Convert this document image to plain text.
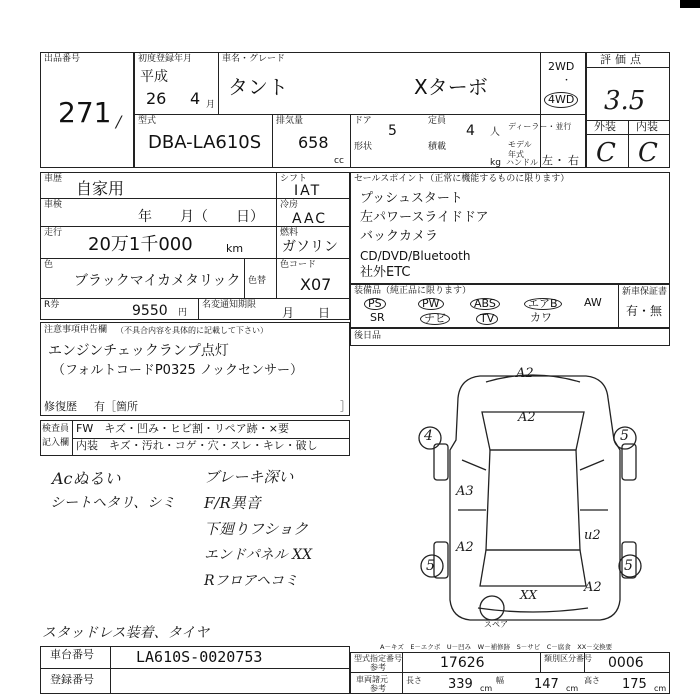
出品番号
271 /
初度登録年月
平成
26 4 月
車名・グレード
タント	Xターボ
2WD
・
4WD
評価点
3.5
外装 内装
C C
型式
DBA-LA610S
排気量
658
cc
ドア
5
定員
4 人
形状	積載
kg
ディーラー・並行
モデル年式
ハンドル 左 ・ 右
車歴 自家用
車検
年　　月（　　日）
走行
20万1千000	km
色
ブラックマイカメタリック 色替
色コード
X07
R券	9550 円
名変通知期限
月　　日
シフト
IAT
冷房
AAC
燃料
ガソリン
セールスポイント（正常に機能するものに限ります）
プッシュスタート
左パワースライドドア
バックカメラ
CD/DVD/Bluetooth
社外ETC
装備品（純正品に限ります）
PS	PW	ABS	エアB	AW
SR	ナビ	TV	カワ
新車保証書
有・無
後日品
注意事項申告欄 （不具合内容を具体的に記載して下さい）
エンジンチェックランプ点灯
（フォルトコードP0325 ノックセンサー）
修復歴 有［箇所	］
検査員
記入欄
FW　キズ・凹み・ヒビ割・リペア跡・×要
内装　キズ・汚れ・コゲ・穴・スレ・キレ・破し
Acぬるい
シートヘタリ、シミ
ブレーキ深い
F/R異音
下廻りフショク
エンドパネル XX
Rフロアヘコミ
スタッドレス装着、タイヤ
A2
A2
4	5
A3
u2
A2
5	5
A2
XX
スペア
A－キズ　E－エクボ　U－凹み　W－補修跡　S－サビ　C－腐食　XX－交換要
車台番号	LA610S-0020753
登録番号
型式指定番号
参考	17626	類別区分番号 0006
車両諸元
参考
長さ 339 cm
幅 147 cm
高さ 175 cm
